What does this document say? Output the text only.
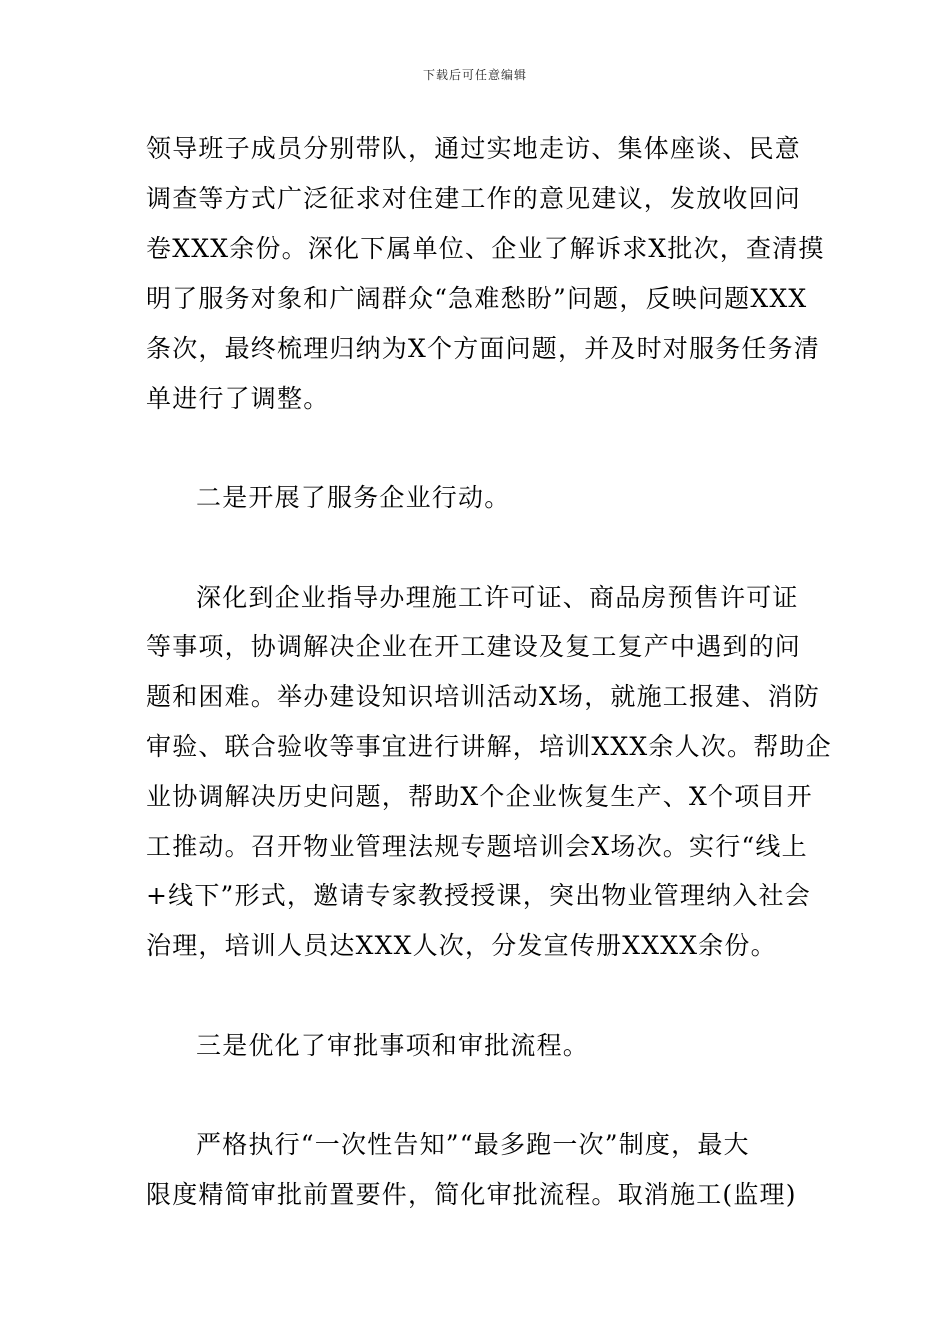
下载后可任意编辑
领导班子成员分别带队，通过实地走访、集体座谈、民意
调查等方式广泛征求对住建工作的意见建议，发放收回问
卷XXX余份。深化下属单位、企业了解诉求X批次，查清摸
明了服务对象和广阔群众“急难愁盼”问题，反映问题XXX
条次，最终梳理归纳为X个方面问题，并及时对服务任务清
单进行了调整。
二是开展了服务企业行动。
深化到企业指导办理施工许可证、商品房预售许可证
等事项，协调解决企业在开工建设及复工复产中遇到的问
题和困难。举办建设知识培训活动X场，就施工报建、消防
审验、联合验收等事宜进行讲解，培训XXX余人次。帮助企
业协调解决历史问题，帮助X个企业恢复生产、X个项目开
工推动。召开物业管理法规专题培训会X场次。实行“线上
+线下”形式，邀请专家教授授课，突出物业管理纳入社会
治理，培训人员达XXX人次，分发宣传册XXXX余份。
三是优化了审批事项和审批流程。
严格执行“一次性告知”“最多跑一次”制度，最大
限度精简审批前置要件，简化审批流程。取消施工(监理)
